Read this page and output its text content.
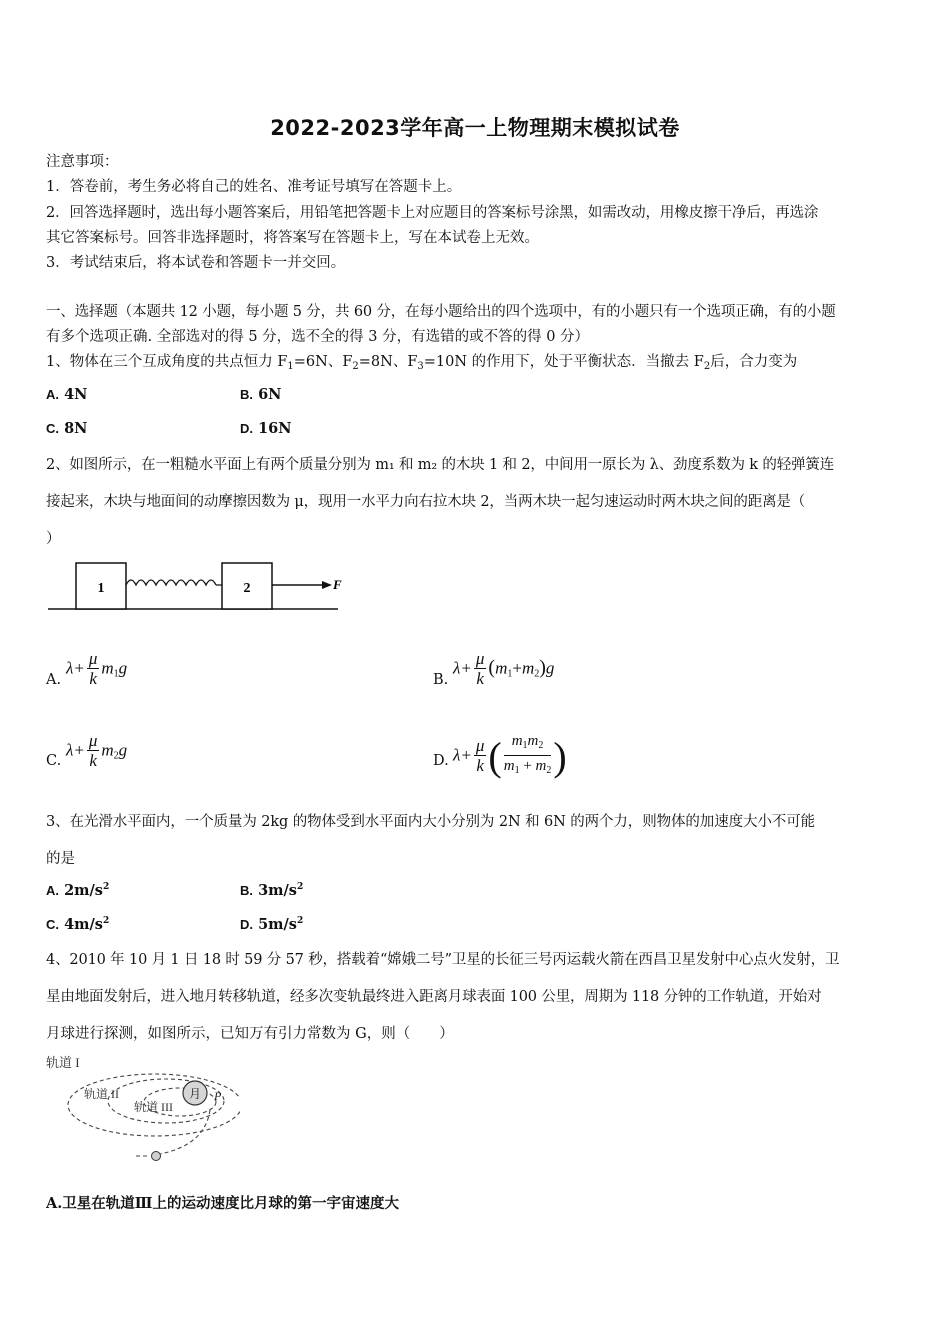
2022-2023学年高一上物理期末模拟试卷
注意事项：
1．答卷前，考生务必将自己的姓名、准考证号填写在答题卡上。
2．回答选择题时，选出每小题答案后，用铅笔把答题卡上对应题目的答案标号涂黑，如需改动，用橡皮擦干净后，再选涂
其它答案标号。回答非选择题时，将答案写在答题卡上，写在本试卷上无效。
3．考试结束后，将本试卷和答题卡一并交回。
一、选择题（本题共 12 小题，每小题 5 分，共 60 分，在每小题给出的四个选项中，有的小题只有一个选项正确，有的小题
有多个选项正确. 全部选对的得 5 分，选不全的得 3 分，有选错的或不答的得 0 分）
1、物体在三个互成角度的共点恒力 $F_1=6N$、$F_2=8N$、$F_3=10N$ 的作用下，处于平衡状态．当撤去 $F_2$后，合力变为
A. 4N	B. 6N
C. 8N	D. 16N
2、如图所示，在一粗糙水平面上有两个质量分别为 m₁ 和 m₂ 的木块 1 和 2，中间用一原长为 λ、劲度系数为 k 的轻弹簧连
接起来，木块与地面间的动摩擦因数为 μ，现用一水平力向右拉木块 2，当两木块一起匀速运动时两木块之间的距离是（
）
1	2	F
A.
$\lambda+ \frac{\mu}{k} m_1g$
B.
$\lambda+ \frac{\mu}{k} (m_1+m_2)g$
C.
$\lambda+ \frac{\mu}{k} m_2g$
D. $\lambda+ \frac{\mu}{k}$ ( $\frac{m_1m_2}{m_1 + m_2}$ )
3、在光滑水平面内，一个质量为 2kg 的物体受到水平面内大小分别为 2N 和 6N 的两个力，则物体的加速度大小不可能
的是
A. $2m/s^2$	B. $3m/s^2$
C. $4m/s^2$	D. $5m/s^2$
4、2010 年 10 月 1 日 18 时 59 分 57 秒，搭载着“嫦娥二号”卫星的长征三号丙运载火箭在西昌卫星发射中心点火发射，卫
星由地面发射后，进入地月转移轨道，经多次变轨最终进入距离月球表面 100 公里，周期为 118 分钟的工作轨道，开始对
月球进行探测，如图所示，已知万有引力常数为 G，则（　　）
轨道 I
轨道 II
轨道 III
月 P
A.卫星在轨道Ⅲ上的运动速度比月球的第一宇宙速度大
